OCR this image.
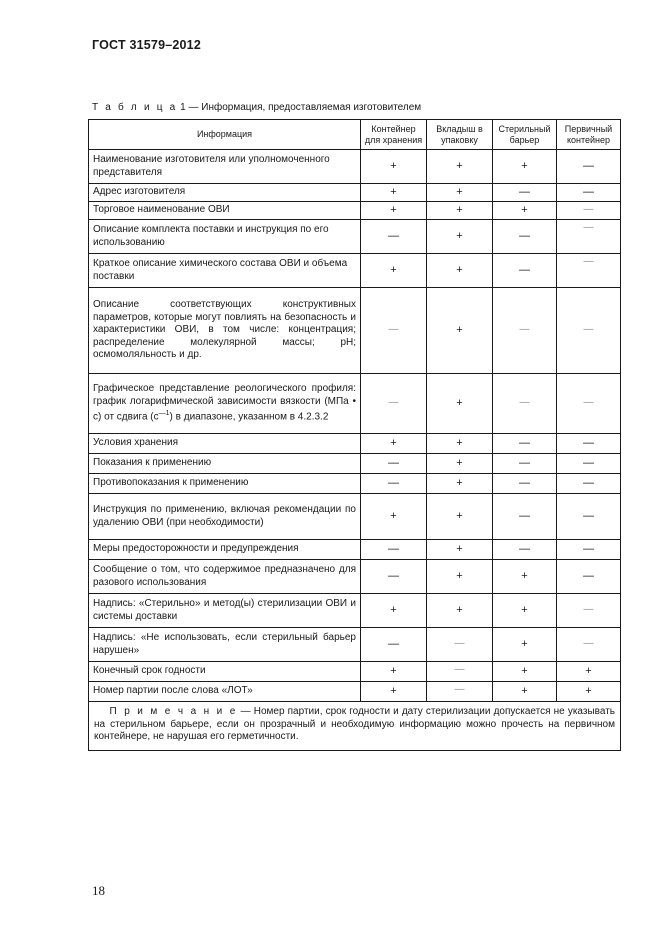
ГОСТ 31579–2012
Т а б л и ц а 1 — Информация, предоставляемая изготовителем
Информация	Контейнер для хранения	Вкладыш в упаковку	Стерильный барьер	Первичный контейнер
Наименование изготовителя или уполномоченного представителя	+	+	+	—
Адрес изготовителя	+	+	—	—
Торговое наименование ОВИ	+	+	+	—
Описание комплекта поставки и инструкция по его использованию	—	+	—	—
Краткое описание химического состава ОВИ и объема поставки	+	+	—	—
Описание соответствующих конструктивных параметров, которые могут повлиять на безопасность и характеристики ОВИ, в том числе: концентрация; распределение молекулярной массы; pH; осмомоляльность и др.	—	+	—	—
Графическое представление реологического профиля: график логарифмической зависимости вязкости (МПа • с) от сдвига $(с^{—1})$ в диапазоне, указанном в 4.2.3.2	—	+	—	—
Условия хранения	+	+	—	—
Показания к применению	—	+	—	—
Противопоказания к применению	—	+	—	—
Инструкция по применению, включая рекомендации по удалению ОВИ (при необходимости)	+	+	—	—
Меры предосторожности и предупреждения	—	+	—	—
Сообщение о том, что содержимое предназначено для разового использования	—	+	+	—
Надпись: «Стерильно» и метод(ы) стерилизации ОВИ и системы доставки	+	+	+	—
Надпись: «Не использовать, если стерильный барьер нарушен»	—	—	+	—
Конечный срок годности	+	—	+	+
Номер партии после слова «ЛОТ»	+	—	+	+
П р и м е ч а н и е — Номер партии, срок годности и дату стерилизации допускается не указывать на стерильном барьере, если он прозрачный и необходимую информацию можно прочесть на первичном контейнере, не нарушая его герметичности.				
18
